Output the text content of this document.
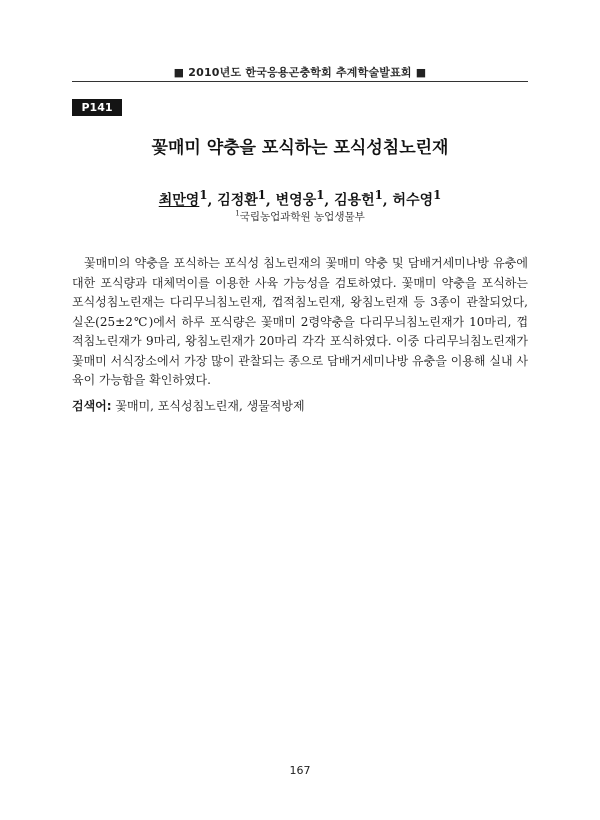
■ 2010년도 한국응용곤충학회 추계학술발표회 ■
P141
꽃매미 약충을 포식하는 포식성침노린재
최만영$^1$, 김정환$^1$, 변영웅$^1$, 김용헌$^1$, 허수영$^1$
$^1$국립농업과학원 농업생물부

꽃매미의 약충을 포식하는 포식성 침노린재의 꽃매미 약충 및 담배거세미나방 유충에 대한 포식량과 대체먹이를 이용한 사육 가능성을 검토하였다. 꽃매미 약충을 포식하는 포식성침노린재는 다리무늬침노린재, 껍적침노린재, 왕침노린재 등 3종이 관찰되었다, 실온(25±2℃)에서 하루 포식량은 꽃매미 2령약충을 다리무늬침노린재가 10마리, 껍적침노린재가 9마리, 왕침노린재가 20마리 각각 포식하였다. 이중 다리무늬침노린재가 꽃매미 서식장소에서 가장 많이 관찰되는 종으로 담배거세미나방 유충을 이용해 실내 사육이 가능함을 확인하였다.

검색어: 꽃매미, 포식성침노린재, 생물적방제
167
